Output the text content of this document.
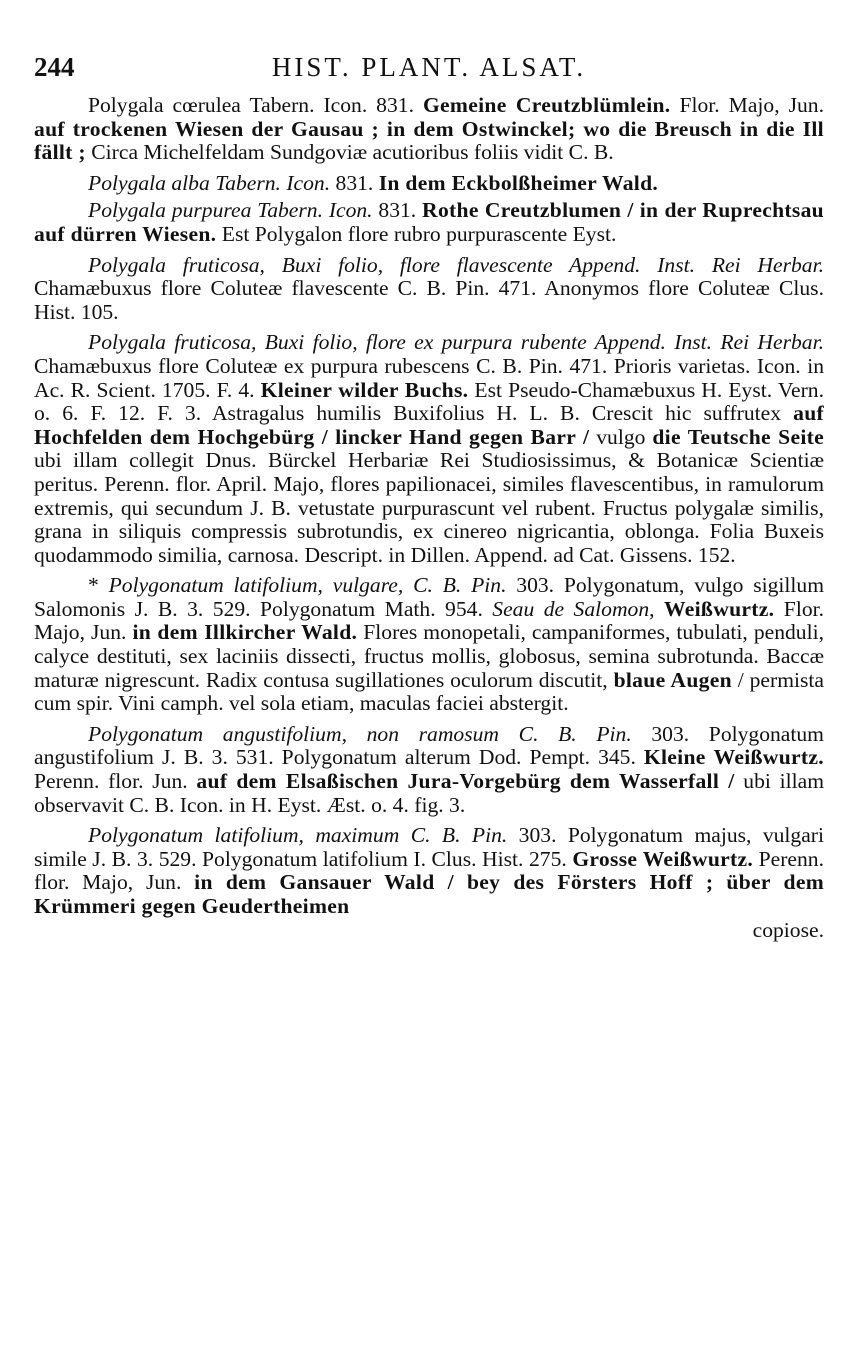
244	HIST. PLANT. ALSAT.

Polygala cœrulea Tabern. Icon. 831. Gemeine Creutzblümlein. Flor. Majo, Jun. auf trockenen Wiesen der Gausau ; in dem Ostwinckel; wo die Breusch in die Ill fällt ; Circa Michelfeldam Sundgoviæ acutioribus foliis vidit C. B.

Polygala alba Tabern. Icon. 831. In dem Eckbolßheimer Wald.

Polygala purpurea Tabern. Icon. 831. Rothe Creutzblumen / in der Ruprechtsau auf dürren Wiesen. Est Polygalon flore rubro purpurascente Eyst.

Polygala fruticosa, Buxi folio, flore flavescente Append. Inst. Rei Herbar. Chamæbuxus flore Coluteæ flavescente C. B. Pin. 471. Anonymos flore Coluteæ Clus. Hist. 105.

Polygala fruticosa, Buxi folio, flore ex purpura rubente Append. Inst. Rei Herbar. Chamæbuxus flore Coluteæ ex purpura rubescens C. B. Pin. 471. Prioris varietas. Icon. in Ac. R. Scient. 1705. F. 4. Kleiner wilder Buchs. Est Pseudo-Chamæbuxus H. Eyst. Vern. o. 6. F. 12. F. 3. Astragalus humilis Buxifolius H. L. B. Crescit hic suffrutex auf Hochfelden dem Hochgebürg / lincker Hand gegen Barr / vulgo die Teutsche Seite ubi illam collegit Dnus. Bürckel Herbariæ Rei Studiosissimus, & Botanicæ Scientiæ peritus. Perenn. flor. April. Majo, flores papilionacei, similes flavescentibus, in ramulorum extremis, qui secundum J. B. vetustate purpurascunt vel rubent. Fructus polygalæ similis, grana in siliquis compressis subrotundis, ex cinereo nigricantia, oblonga. Folia Buxeis quodammodo similia, carnosa. Descript. in Dillen. Append. ad Cat. Gissens. 152.

* Polygonatum latifolium, vulgare, C. B. Pin. 303. Polygonatum, vulgo sigillum Salomonis J. B. 3. 529. Polygonatum Math. 954. Seau de Salomon, Weißwurtz. Flor. Majo, Jun. in dem Illkircher Wald. Flores monopetali, campaniformes, tubulati, penduli, calyce destituti, sex laciniis dissecti, fructus mollis, globosus, semina subrotunda. Baccæ maturæ nigrescunt. Radix contusa sugillationes oculorum discutit, blaue Augen / permista cum spir. Vini camph. vel sola etiam, maculas faciei abstergit.

Polygonatum angustifolium, non ramosum C. B. Pin. 303. Polygonatum angustifolium J. B. 3. 531. Polygonatum alterum Dod. Pempt. 345. Kleine Weißwurtz. Perenn. flor. Jun. auf dem Elsaßischen Jura-Vorgebürg dem Wasserfall / ubi illam observavit C. B. Icon. in H. Eyst. Æst. o. 4. fig. 3.

Polygonatum latifolium, maximum C. B. Pin. 303. Polygonatum majus, vulgari simile J. B. 3. 529. Polygonatum latifolium I. Clus. Hist. 275. Grosse Weißwurtz. Perenn. flor. Majo, Jun. in dem Gansauer Wald / bey des Försters Hoff ; über dem Krümmeri gegen Geudertheimen

copiose.
